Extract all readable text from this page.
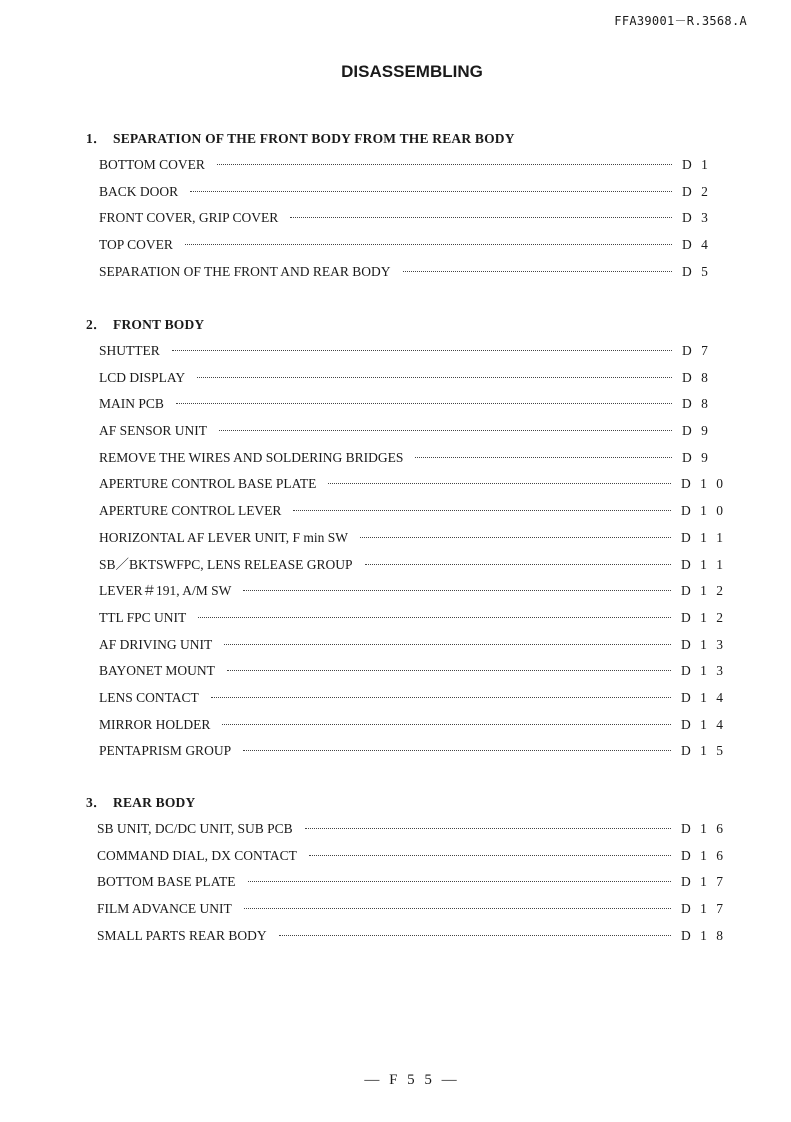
FFA39001－R.3568.A
DISASSEMBLING
1． SEPARATION OF THE FRONT BODY FROM THE REAR BODY
BOTTOM COVER	D 1
BACK DOOR	D 2
FRONT COVER, GRIP COVER	D 3
TOP COVER	D 4
SEPARATION OF THE FRONT AND REAR BODY	D 5
2． FRONT BODY
SHUTTER	D 7
LCD DISPLAY	D 8
MAIN PCB	D 8
AF SENSOR UNIT	D 9
REMOVE THE WIRES AND SOLDERING BRIDGES	D 9
APERTURE CONTROL BASE PLATE	D 1 0
APERTURE CONTROL LEVER	D 1 0
HORIZONTAL AF LEVER UNIT, F min SW	D 1 1
SB／BKTSWFPC, LENS RELEASE GROUP	D 1 1
LEVER＃191, A/M SW	D 1 2
TTL FPC UNIT	D 1 2
AF DRIVING UNIT	D 1 3
BAYONET MOUNT	D 1 3
LENS CONTACT	D 1 4
MIRROR HOLDER	D 1 4
PENTAPRISM GROUP	D 1 5
3． REAR BODY
SB UNIT, DC/DC UNIT, SUB PCB	D 1 6
COMMAND DIAL, DX CONTACT	D 1 6
BOTTOM BASE PLATE	D 1 7
FILM ADVANCE UNIT	D 1 7
SMALL PARTS REAR BODY	D 1 8
— F 5 5 —
